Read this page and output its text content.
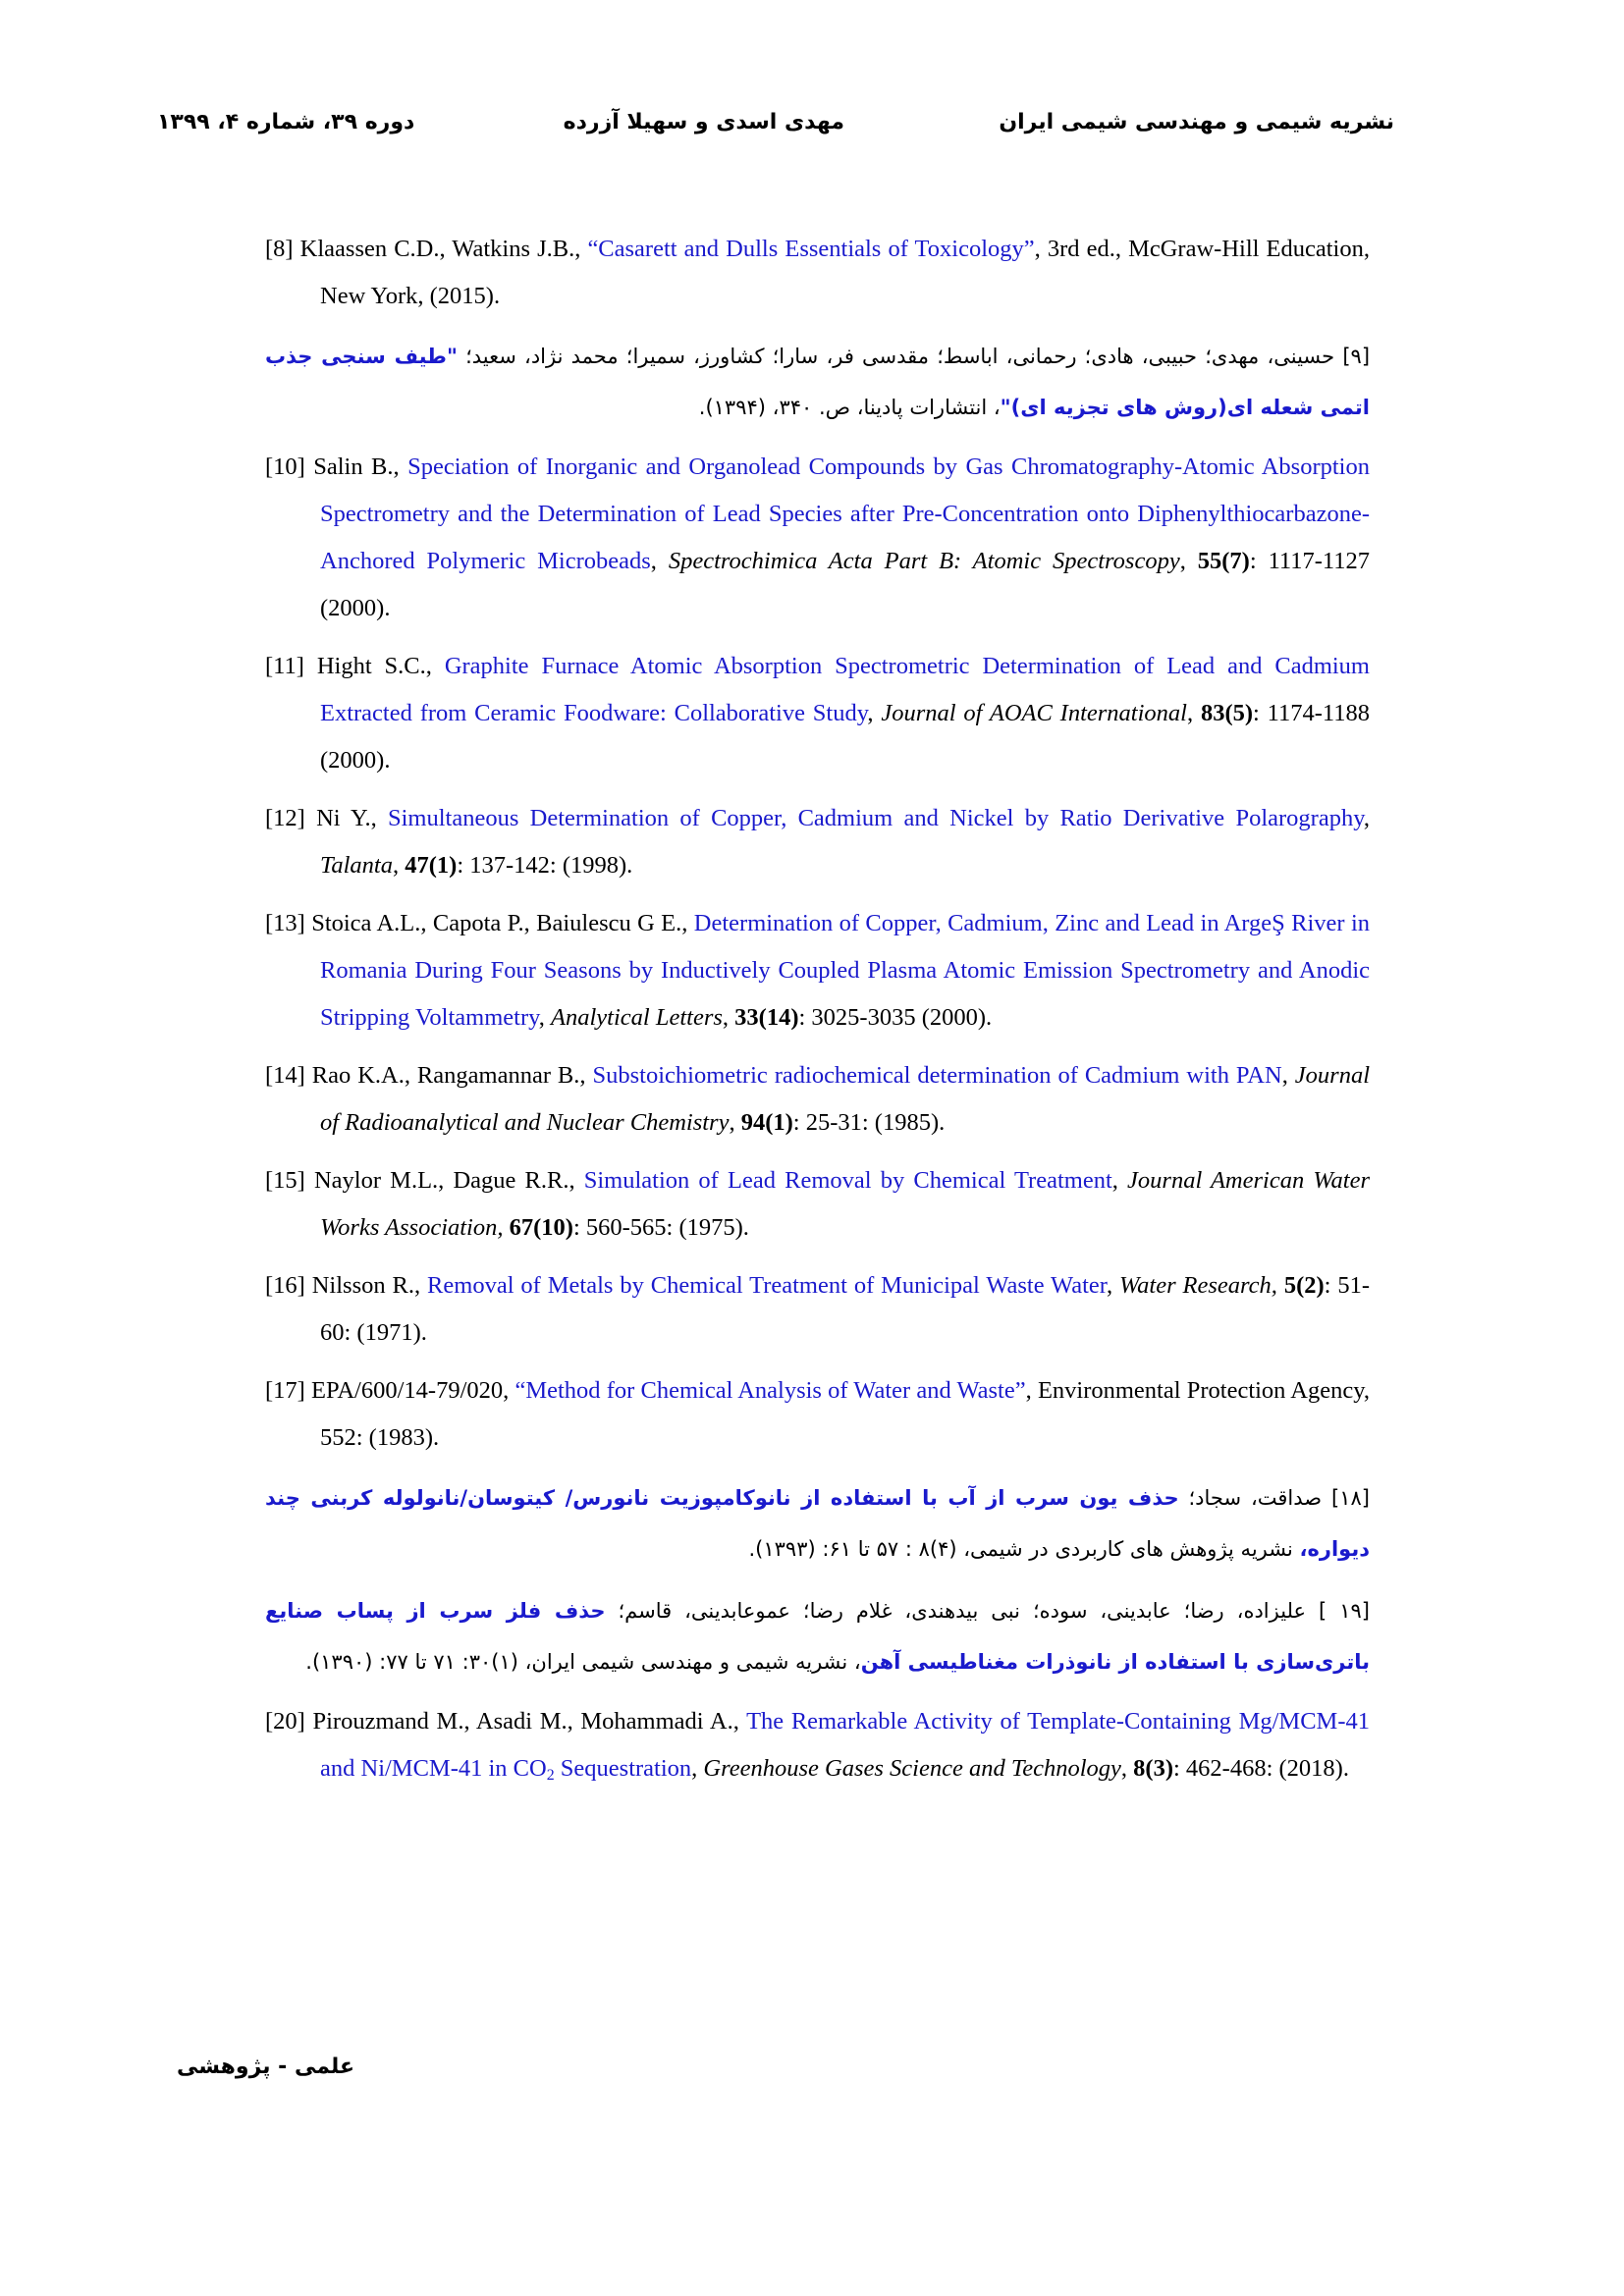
نشریه شیمی و مهندسی شیمی ایران
مهدی اسدی و سهیلا آزرده
دوره ۳۹، شماره ۴، ۱۳۹۹
[8] Klaassen C.D., Watkins J.B., “Casarett and Dulls Essentials of Toxicology”, 3rd ed., McGraw-Hill Education, New York, (2015).
[۹] حسینی، مهدی؛ حبیبی، هادی؛ رحمانی، اباسط؛ مقدسی فر، سارا؛ کشاورز، سمیرا؛ محمد نژاد، سعید؛ "طیف سنجی جذب اتمی شعله ای(روش های تجزیه ای)"، انتشارات پادینا، ص. ۳۴۰، (۱۳۹۴).
[10] Salin B., Speciation of Inorganic and Organolead Compounds by Gas Chromatography-Atomic Absorption Spectrometry and the Determination of Lead Species after Pre-Concentration onto Diphenylthiocarbazone-Anchored Polymeric Microbeads, Spectrochimica Acta Part B: Atomic Spectroscopy, 55(7): 1117-1127 (2000).
[11] Hight S.C., Graphite Furnace Atomic Absorption Spectrometric Determination of Lead and Cadmium Extracted from Ceramic Foodware: Collaborative Study, Journal of AOAC International, 83(5): 1174-1188 (2000).
[12] Ni Y., Simultaneous Determination of Copper, Cadmium and Nickel by Ratio Derivative Polarography, Talanta, 47(1): 137-142: (1998).
[13] Stoica A.L., Capota P., Baiulescu G E., Determination of Copper, Cadmium, Zinc and Lead in ArgeŞ River in Romania During Four Seasons by Inductively Coupled Plasma Atomic Emission Spectrometry and Anodic Stripping Voltammetry, Analytical Letters, 33(14): 3025-3035 (2000).
[14] Rao K.A., Rangamannar B., Substoichiometric radiochemical determination of Cadmium with PAN, Journal of Radioanalytical and Nuclear Chemistry, 94(1): 25-31: (1985).
[15] Naylor M.L., Dague R.R., Simulation of Lead Removal by Chemical Treatment, Journal American Water Works Association, 67(10): 560-565: (1975).
[16] Nilsson R., Removal of Metals by Chemical Treatment of Municipal Waste Water, Water Research, 5(2): 51-60: (1971).
[17] EPA/600/14-79/020, “Method for Chemical Analysis of Water and Waste”, Environmental Protection Agency, 552: (1983).
[۱۸] صداقت، سجاد؛ حذف یون سرب از آب با استفاده از نانوکامپوزیت نانورس/ کیتوسان/نانولوله کربنی چند دیواره، نشریه پژوهش های کاربردی در شیمی، (۴)۸ : ۵۷ تا ۶۱: (۱۳۹۳).
[۱۹ ] علیزاده، رضا؛ عابدینی، سوده؛ نبی بیدهندی، غلام رضا؛ عموعابدینی، قاسم؛ حذف فلز سرب از پساب صنایع باتری‌سازی با استفاده از نانوذرات مغناطیسی آهن، نشریه شیمی و مهندسی شیمی ایران، (۱)۳۰: ۷۱ تا ۷۷: (۱۳۹۰).
[20] Pirouzmand M., Asadi M., Mohammadi A., The Remarkable Activity of Template-Containing Mg/MCM-41 and Ni/MCM-41 in $CO_2$ Sequestration, Greenhouse Gases Science and Technology, 8(3): 462-468: (2018).
علمی - پژوهشی
